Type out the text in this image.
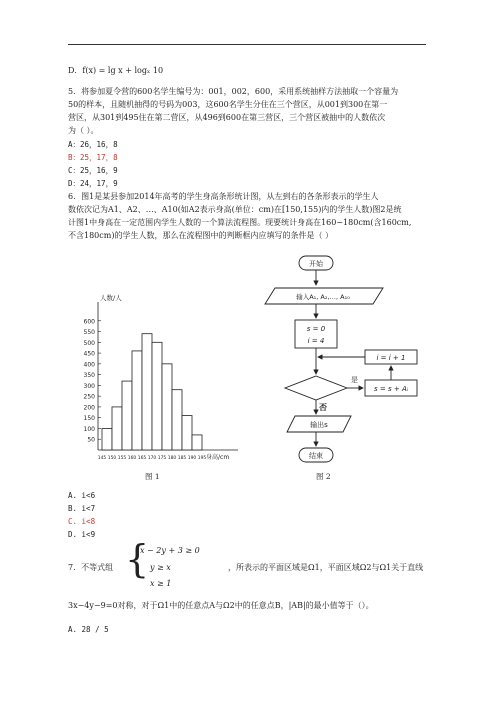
D．f(x) = lg x + logₓ 10
5．将参加夏令营的600名学生编号为：001，002，600，采用系统抽样方法抽取一个容量为
50的样本，且随机抽得的号码为003，这600名学生分住在三个营区，从001到300在第一
营区，从301到495住在第二营区，从496到600在第三营区，三个营区被抽中的人数依次
为（ ）。
A：26，16，8
B：25，17，8
C：25，16，9
D：24，17，9
6．图1是某县参加2014年高考的学生身高条形统计图，从左到右的各条形表示的学生人
数依次记为A1、A2、…、A10(如A2表示身高(单位：cm)在[150,155)内的学生人数)图2是统
计图1中身高在一定范围内学生人数的一个算法流程图。现要统计身高在160~180cm(含160cm,
不含180cm)的学生人数，那么在流程图中的判断框内应填写的条件是（ ）
50
100
150
200
250
300
350
400
450
500
550
600
人数/人
145 150 155 160 165 170 175 180 185 190 195 身高/cm
图 1
开始
输入A₁, A₂,…, A₁₀
s = 0
i = 4
i = i + 1
s = s + Aᵢ
是
否
输出s
结束
图 2
A. i<6
B. i<7
C. i<8
D. i<9
7．不等式组 {
x − 2y + 3 ≥ 0
y ≥ x
x ≥ 1
，所表示的平面区域是Ω1，平面区域Ω2与Ω1关于直线
3x−4y−9=0对称，对于Ω1中的任意点A与Ω2中的任意点B，|AB|的最小值等于（）。
A. 28 / 5
